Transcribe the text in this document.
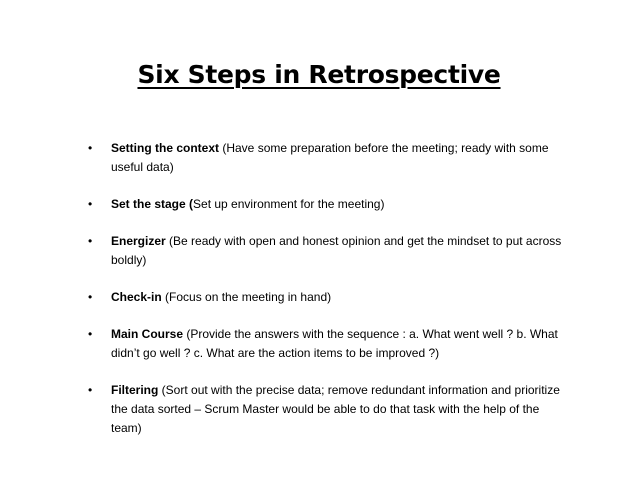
Six Steps in Retrospective
• Setting the context (Have some preparation before the meeting; ready with some useful data)
• Set the stage (Set up environment for the meeting)
• Energizer (Be ready with open and honest opinion and get the mindset to put across boldly)
• Check-in (Focus on the meeting in hand)
• Main Course (Provide the answers with the sequence : a. What went well ? b. What didn’t go well ? c. What are the action items to be improved ?)
• Filtering (Sort out with the precise data; remove redundant information and prioritize the data sorted – Scrum Master would be able to do that task with the help of the team)
